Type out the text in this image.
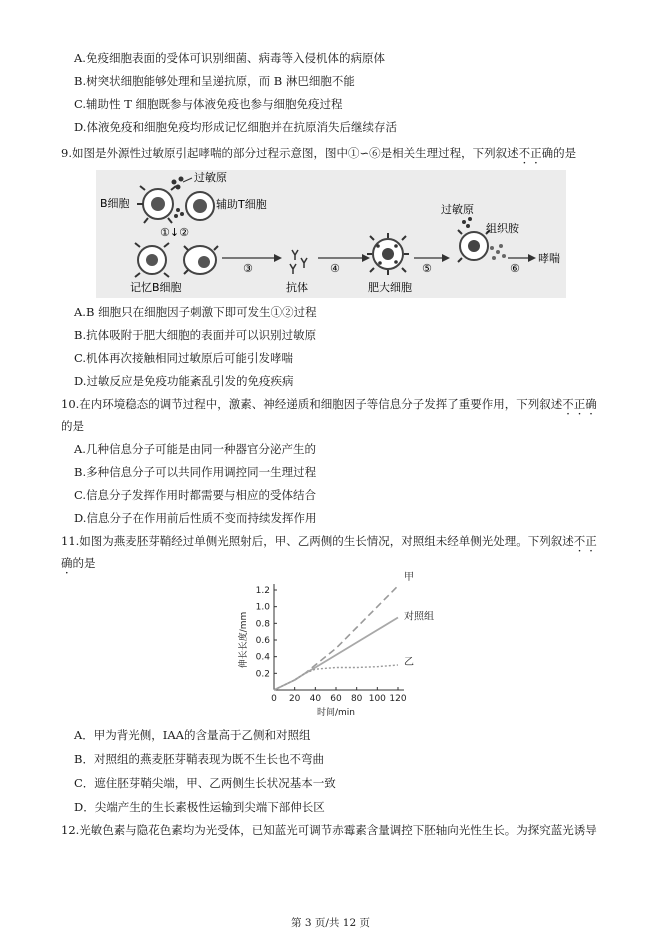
A.免疫细胞表面的受体可识别细菌、病毒等入侵机体的病原体
B.树突状细胞能够处理和呈递抗原，而 B 淋巴细胞不能
C.辅助性 T 细胞既参与体液免疫也参与细胞免疫过程
D.体液免疫和细胞免疫均形成记忆细胞并在抗原消失后继续存活
9.如图是外源性过敏原引起哮喘的部分过程示意图，图中①∽⑥是相关生理过程，下列叙述不正确的是
B细胞
过敏原
辅助T细胞
①↓②
记忆B细胞
③
抗体
④
肥大细胞
⑤
过敏原
组织胺
⑥
哮喘
A.B 细胞只在细胞因子刺激下即可发生①②过程
B.抗体吸附于肥大细胞的表面并可以识别过敏原
C.机体再次接触相同过敏原后可能引发哮喘
D.过敏反应是免疫功能紊乱引发的免疫疾病
10.在内环境稳态的调节过程中，激素、神经递质和细胞因子等信息分子发挥了重要作用，下列叙述不正确
的是
A.几种信息分子可能是由同一种器官分泌产生的
B.多种信息分子可以共同作用调控同一生理过程
C.信息分子发挥作用时都需要与相应的受体结合
D.信息分子在作用前后性质不变而持续发挥作用
11.如图为燕麦胚芽鞘经过单侧光照射后，甲、乙两侧的生长情况，对照组未经单侧光处理。下列叙述不正
确的是
0 20 40 60 80 100 120
0.2
0.4
0.6
0.8
1.0
1.2
时间/min
伸长长度/mm
甲
对照组
乙
A．甲为背光侧，IAA的含量高于乙侧和对照组
B．对照组的燕麦胚芽鞘表现为既不生长也不弯曲
C．遮住胚芽鞘尖端，甲、乙两侧生长状况基本一致
D．尖端产生的生长素极性运输到尖端下部伸长区
12.光敏色素与隐花色素均为光受体，已知蓝光可调节赤霉素含量调控下胚轴向光性生长。为探究蓝光诱导
第 3 页/共 12 页
